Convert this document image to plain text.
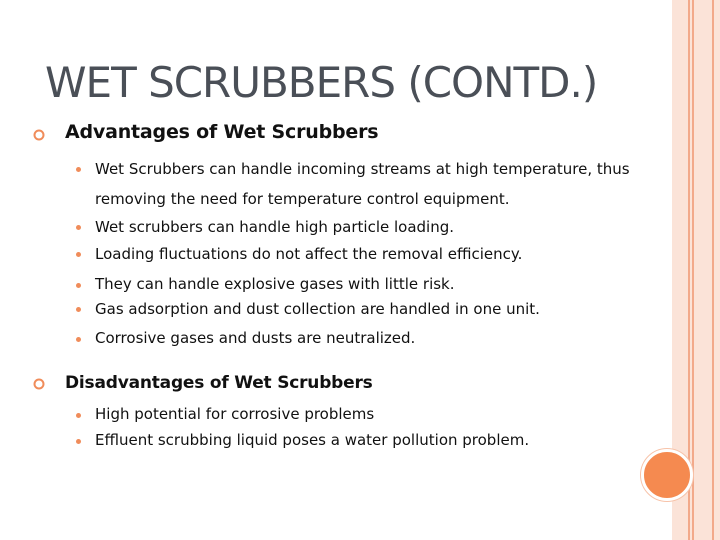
WET SCRUBBERS (CONTD.)
Advantages of Wet Scrubbers
Wet Scrubbers can handle incoming streams at high temperature, thus
removing the need for temperature control equipment.
Wet scrubbers can handle high particle loading.
Loading fluctuations do not affect the removal efficiency.
They can handle explosive gases with little risk.
Gas adsorption and dust collection are handled in one unit.
Corrosive gases and dusts are neutralized.
Disadvantages of Wet Scrubbers
High potential for corrosive problems
Effluent scrubbing liquid poses a water pollution problem.
